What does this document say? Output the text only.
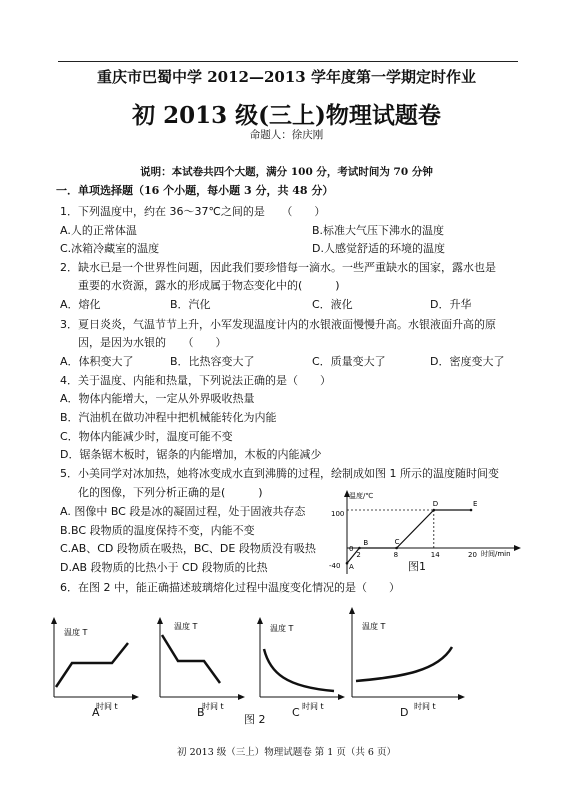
重庆市巴蜀中学 2012—2013 学年度第一学期定时作业
初 2013 级(三上)物理试题卷
命题人：徐庆刚
说明：本试卷共四个大题，满分 100 分，考试时间为 70 分钟
一．单项选择题（16 个小题，每小题 3 分，共 48 分）
1．下列温度中，约在 36～37℃之间的是　　（　　）
A.人的正常体温	B.标准大气压下沸水的温度
C.冰箱冷藏室的温度	D.人感觉舒适的环境的温度
2．缺水已是一个世界性问题，因此我们要珍惜每一滴水。一些严重缺水的国家，露水也是
重要的水资源，露水的形成属于物态变化中的(　　　)
A．熔化	B．汽化	C．液化	D．升华
3．夏日炎炎，气温节节上升，小军发现温度计内的水银液面慢慢升高。水银液面升高的原
因，是因为水银的　　（　　）
A．体积变大了	B．比热容变大了	C．质量变大了	D．密度变大了
4．关于温度、内能和热量，下列说法正确的是（　　）
A．物体内能增大，一定从外界吸收热量
B．汽油机在做功冲程中把机械能转化为内能
C．物体内能减少时，温度可能不变
D．锯条锯木板时，锯条的内能增加，木板的内能减少
5．小美同学对冰加热，她将冰变成水直到沸腾的过程，绘制成如图 1 所示的温度随时间变
化的图像，下列分析正确的是(　　　)
A. 图像中 BC 段是冰的凝固过程，处于固液共存态
B.BC 段物质的温度保持不变，内能不变
C.AB、CD 段物质在吸热，BC、DE 段物质没有吸热
D.AB 段物质的比热小于 CD 段物质的比热
2	8	14	20
A
B	C
D	E
温度/℃
时间/min
100
-40
0
图1
6．在图 2 中，能正确描述玻璃熔化过程中温度变化情况的是（　　）
温度 T
时间 t
温度 T
时间 t
温度 T
时间 t
温度 T
时间 t
A	B	C	D
图 2
初 2013 级（三上）物理试题卷 第 1 页（共 6 页）
